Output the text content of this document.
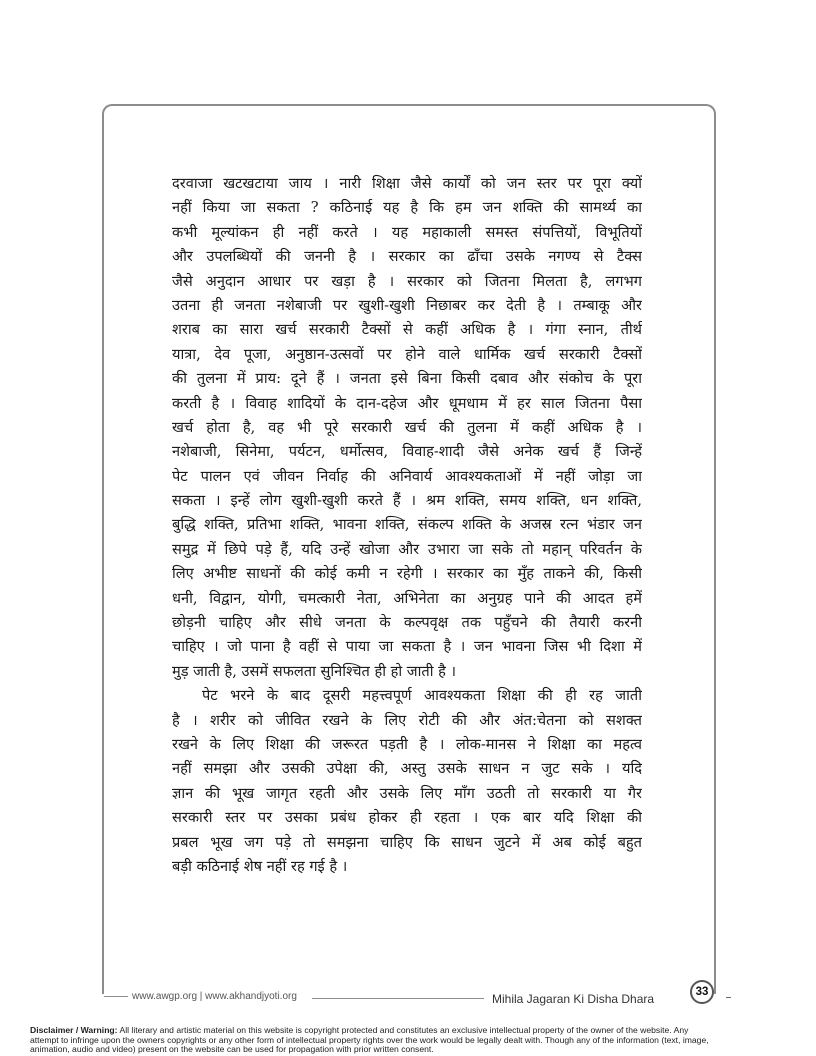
दरवाजा खटखटाया जाय । नारी शिक्षा जैसे कार्यों को जन स्तर पर पूरा क्यों
नहीं किया जा सकता ? कठिनाई यह है कि हम जन शक्ति की सामर्थ्य का
कभी मूल्यांकन ही नहीं करते । यह महाकाली समस्त संपत्तियों, विभूतियों
और उपलब्धियों की जननी है । सरकार का ढाँचा उसके नगण्य से टैक्स
जैसे अनुदान आधार पर खड़ा है । सरकार को जितना मिलता है, लगभग
उतना ही जनता नशेबाजी पर खुशी-खुशी निछाबर कर देती है । तम्बाकू और
शराब का सारा खर्च सरकारी टैक्सों से कहीं अधिक है । गंगा स्नान, तीर्थ
यात्रा, देव पूजा, अनुष्ठान-उत्सवों पर होने वाले धार्मिक खर्च सरकारी टैक्सों
की तुलना में प्राय: दूने हैं । जनता इसे बिना किसी दबाव और संकोच के पूरा
करती है । विवाह शादियों के दान-दहेज और धूमधाम में हर साल जितना पैसा
खर्च होता है, वह भी पूरे सरकारी खर्च की तुलना में कहीं अधिक है ।
नशेबाजी, सिनेमा, पर्यटन, धर्मोत्सव, विवाह-शादी जैसे अनेक खर्च हैं जिन्हें
पेट पालन एवं जीवन निर्वाह की अनिवार्य आवश्यकताओं में नहीं जोड़ा जा
सकता । इन्हें लोग खुशी-खुशी करते हैं । श्रम शक्ति, समय शक्ति, धन शक्ति,
बुद्धि शक्ति, प्रतिभा शक्ति, भावना शक्ति, संकल्प शक्ति के अजस्र रत्न भंडार जन
समुद्र में छिपे पड़े हैं, यदि उन्हें खोजा और उभारा जा सके तो महान् परिवर्तन के
लिए अभीष्ट साधनों की कोई कमी न रहेगी । सरकार का मुँह ताकने की, किसी
धनी, विद्वान, योगी, चमत्कारी नेता, अभिनेता का अनुग्रह पाने की आदत हमें
छोड़नी चाहिए और सीधे जनता के कल्पवृक्ष तक पहुँचने की तैयारी करनी
चाहिए । जो पाना है वहीं से पाया जा सकता है । जन भावना जिस भी दिशा में
मुड़ जाती है, उसमें सफलता सुनिश्चित ही हो जाती है ।
पेट भरने के बाद दूसरी महत्त्वपूर्ण आवश्यकता शिक्षा की ही रह जाती
है । शरीर को जीवित रखने के लिए रोटी की और अंत:चेतना को सशक्त
रखने के लिए शिक्षा की जरूरत पड़ती है । लोक-मानस ने शिक्षा का महत्व
नहीं समझा और उसकी उपेक्षा की, अस्तु उसके साधन न जुट सके । यदि
ज्ञान की भूख जागृत रहती और उसके लिए माँग उठती तो सरकारी या गैर
सरकारी स्तर पर उसका प्रबंध होकर ही रहता । एक बार यदि शिक्षा की
प्रबल भूख जग पड़े तो समझना चाहिए कि साधन जुटने में अब कोई बहुत
बड़ी कठिनाई शेष नहीं रह गई है ।
www.awgp.org | www.akhandjyoti.org	Mihila Jagaran Ki Disha Dhara	33
Disclaimer / Warning: All literary and artistic material on this website is copyright protected and constitutes an exclusive intellectual property of the owner of the website. Any attempt to infringe upon the owners copyrights or any other form of intellectual property rights over the work would be legally dealt with. Though any of the information (text, image, animation, audio and video) present on the website can be used for propagation with prior written consent.
